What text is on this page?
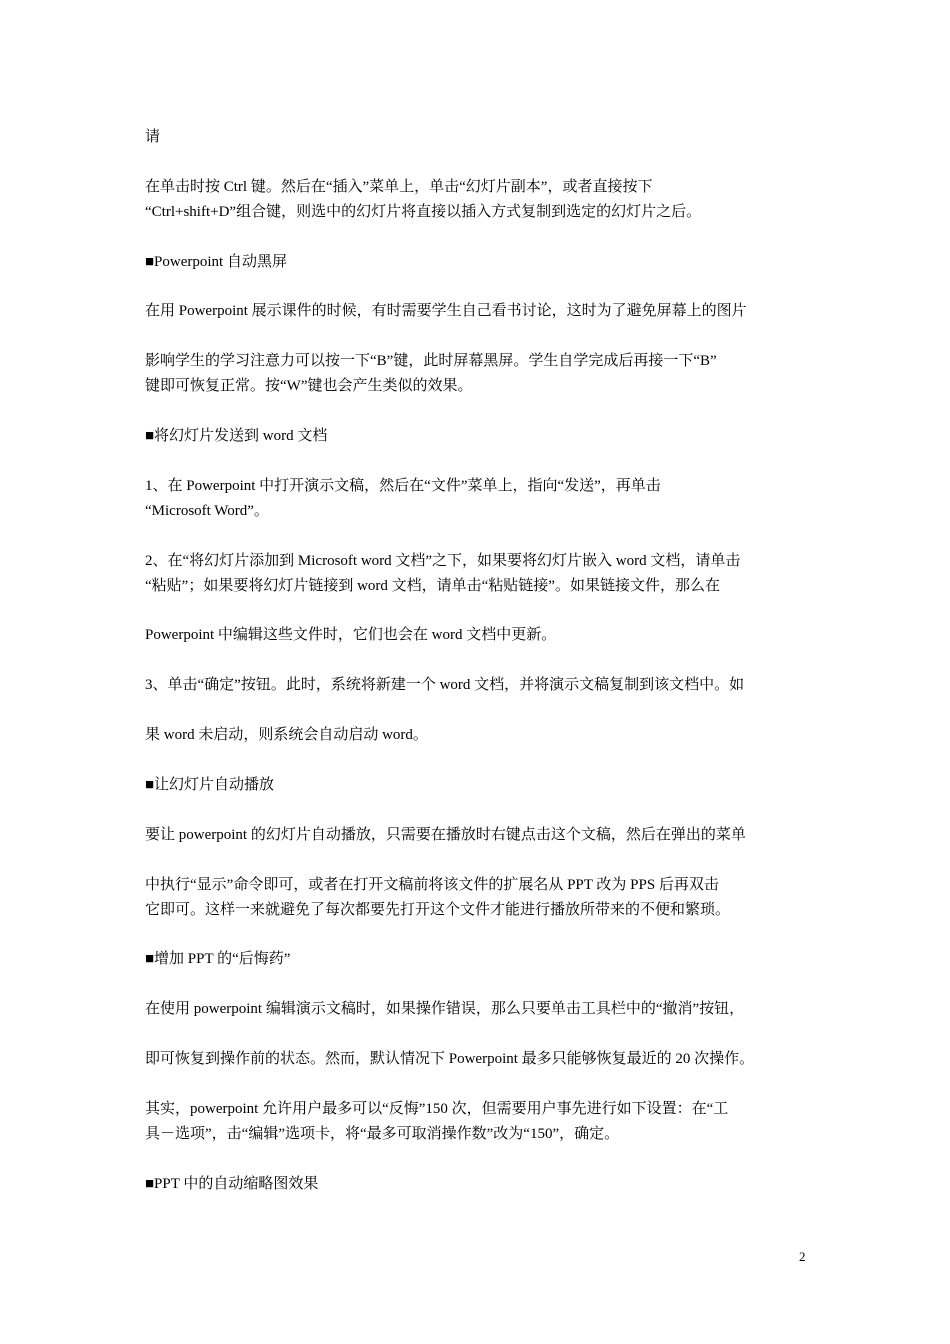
请
在单击时按 Ctrl 键。然后在“插入”菜单上，单击“幻灯片副本”，或者直接按下
“Ctrl+shift+D”组合键，则选中的幻灯片将直接以插入方式复制到选定的幻灯片之后。
■Powerpoint 自动黑屏
在用 Powerpoint 展示课件的时候，有时需要学生自己看书讨论，这时为了避免屏幕上的图片
影响学生的学习注意力可以按一下“B”键，此时屏幕黑屏。学生自学完成后再接一下“B”
键即可恢复正常。按“W”键也会产生类似的效果。
■将幻灯片发送到 word 文档
1、在 Powerpoint 中打开演示文稿，然后在“文件”菜单上，指向“发送”，再单击
“Microsoft Word”。
2、在“将幻灯片添加到 Microsoft word 文档”之下，如果要将幻灯片嵌入 word 文档，请单击
“粘贴”；如果要将幻灯片链接到 word 文档，请单击“粘贴链接”。如果链接文件，那么在
Powerpoint 中编辑这些文件时，它们也会在 word 文档中更新。
3、单击“确定”按钮。此时，系统将新建一个 word 文档，并将演示文稿复制到该文档中。如
果 word 未启动，则系统会自动启动 word。
■让幻灯片自动播放
要让 powerpoint 的幻灯片自动播放，只需要在播放时右键点击这个文稿，然后在弹出的菜单
中执行“显示”命令即可，或者在打开文稿前将该文件的扩展名从 PPT 改为 PPS 后再双击
它即可。这样一来就避免了每次都要先打开这个文件才能进行播放所带来的不便和繁琐。
■增加 PPT 的“后悔药”
在使用 powerpoint 编辑演示文稿时，如果操作错误，那么只要单击工具栏中的“撤消”按钮，
即可恢复到操作前的状态。然而，默认情况下 Powerpoint 最多只能够恢复最近的 20 次操作。
其实，powerpoint 允许用户最多可以“反悔”150 次，但需要用户事先进行如下设置：在“工
具－选项”，击“编辑”选项卡，将“最多可取消操作数”改为“150”，确定。
■PPT 中的自动缩略图效果
2
